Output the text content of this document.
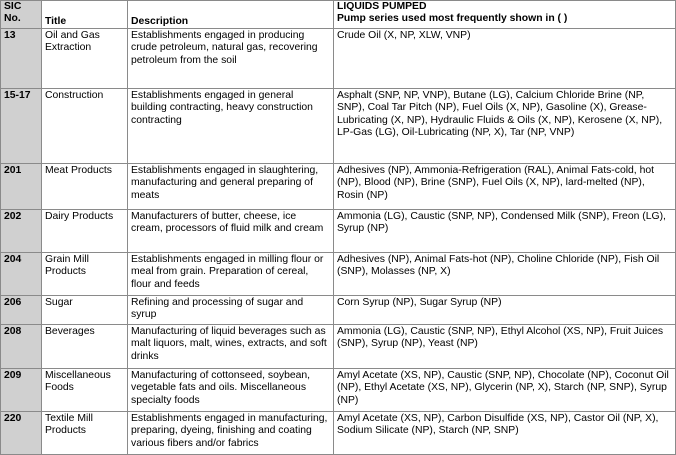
SIC No.	Title	Description	LIQUIDS PUMPED
Pump series used most frequently shown in ( )

13	Oil and Gas Extraction	Establishments engaged in producing crude petroleum, natural gas, recovering petroleum from the soil	Crude Oil (X, NP, XLW, VNP)
15-17	Construction	Establishments engaged in general building contracting, heavy construction contracting	Asphalt (SNP, NP, VNP), Butane (LG), Calcium Chloride Brine (NP, SNP), Coal Tar Pitch (NP), Fuel Oils (X, NP), Gasoline (X), Grease-Lubricating (X, NP), Hydraulic Fluids & Oils (X, NP), Kerosene (X, NP), LP-Gas (LG), Oil-Lubricating (NP, X), Tar (NP, VNP)
201	Meat Products	Establishments engaged in slaughtering, manufacturing and general preparing of meats	Adhesives (NP), Ammonia-Refrigeration (RAL), Animal Fats-cold, hot (NP), Blood (NP), Brine (SNP), Fuel Oils (X, NP), lard-melted (NP), Rosin (NP)
202	Dairy Products	Manufacturers of butter, cheese, ice cream, processors of fluid milk and cream	Ammonia (LG), Caustic (SNP, NP), Condensed Milk (SNP), Freon (LG), Syrup (NP)
204	Grain Mill Products	Establishments engaged in milling flour or meal from grain. Preparation of cereal, flour and feeds	Adhesives (NP), Animal Fats-hot (NP), Choline Chloride (NP), Fish Oil (SNP), Molasses (NP, X)
206	Sugar	Refining and processing of sugar and syrup	Corn Syrup (NP), Sugar Syrup (NP)
208	Beverages	Manufacturing of liquid beverages such as malt liquors, malt, wines, extracts, and soft drinks	Ammonia (LG), Caustic (SNP, NP), Ethyl Alcohol (XS, NP), Fruit Juices (SNP), Syrup (NP), Yeast (NP)
209	Miscellaneous Foods	Manufacturing of cottonseed, soybean, vegetable fats and oils. Miscellaneous specialty foods	Amyl Acetate (XS, NP), Caustic (SNP, NP), Chocolate (NP), Coconut Oil (NP), Ethyl Acetate (XS, NP), Glycerin (NP, X), Starch (NP, SNP), Syrup (NP)
220	Textile Mill Products	Establishments engaged in manufacturing, preparing, dyeing, finishing and coating various fibers and/or fabrics	Amyl Acetate (XS, NP), Carbon Disulfide (XS, NP), Castor Oil (NP, X), Sodium Silicate (NP), Starch (NP, SNP)
